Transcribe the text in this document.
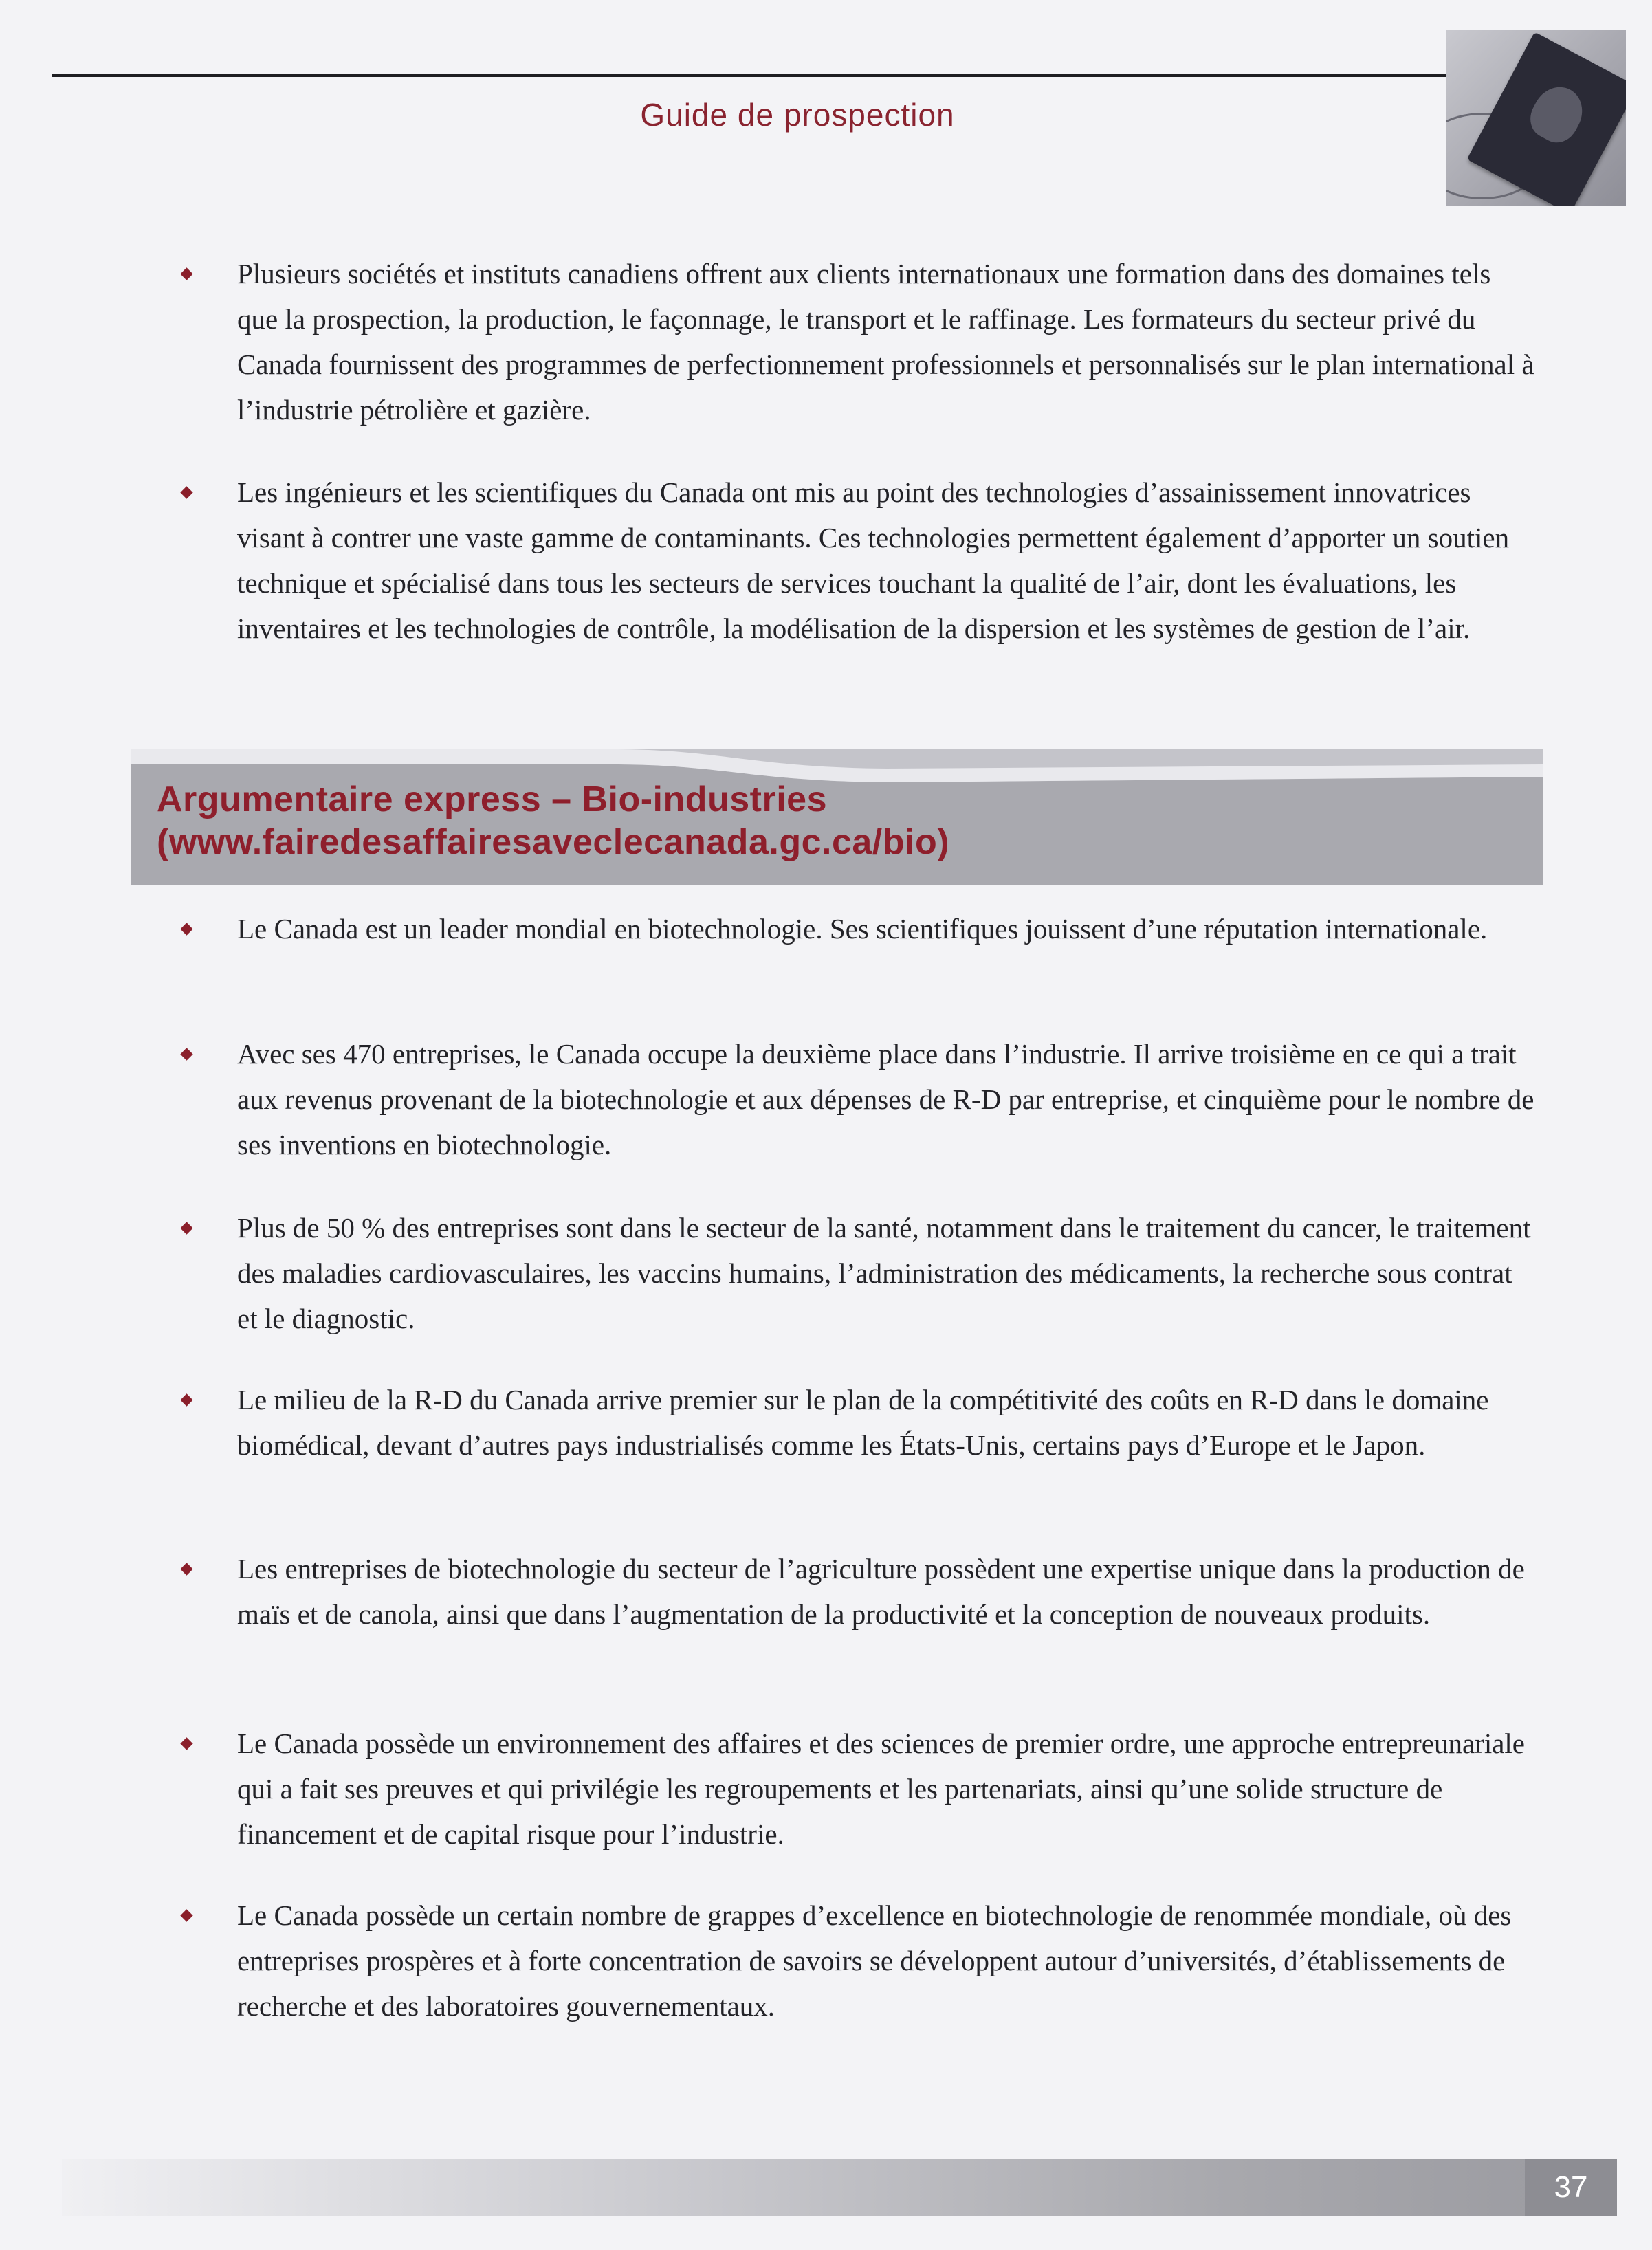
Guide de prospection

Plusieurs sociétés et instituts canadiens offrent aux clients internationaux une formation dans des domaines tels que la prospection, la production, le façonnage, le transport et le raffinage. Les formateurs du secteur privé du Canada fournissent des programmes de perfectionnement professionnels et personnalisés sur le plan international à l’industrie pétrolière et gazière.

Les ingénieurs et les scientifiques du Canada ont mis au point des technologies d’assainissement innovatrices visant à contrer une vaste gamme de contaminants. Ces technologies permettent également d’apporter un soutien technique et spécialisé dans tous les secteurs de services touchant la qualité de l’air, dont les évaluations, les inventaires et les technologies de contrôle, la modélisation de la dispersion et les systèmes de gestion de l’air.

Argumentaire express – Bio-industries
(www.fairedesaffairesaveclecanada.gc.ca/bio)

Le Canada est un leader mondial en biotechnologie. Ses scientifiques jouissent d’une réputation internationale.

Avec ses 470 entreprises, le Canada occupe la deuxième place dans l’industrie. Il arrive troisième en ce qui a trait aux revenus provenant de la biotechnologie et aux dépenses de R-D par entreprise, et cinquième pour le nombre de ses inventions en biotechnologie.

Plus de 50 % des entreprises sont dans le secteur de la santé, notamment dans le traitement du cancer, le traitement des maladies cardiovasculaires, les vaccins humains, l’administration des médicaments, la recherche sous contrat et le diagnostic.

Le milieu de la R-D du Canada arrive premier sur le plan de la compétitivité des coûts en R-D dans le domaine biomédical, devant d’autres pays industrialisés comme les États-Unis, certains pays d’Europe et le Japon.

Les entreprises de biotechnologie du secteur de l’agriculture possèdent une expertise unique dans la production de maïs et de canola, ainsi que dans l’augmentation de la productivité et la conception de nouveaux produits.

Le Canada possède un environnement des affaires et des sciences de premier ordre, une approche entrepreunariale qui a fait ses preuves et qui privilégie les regroupements et les partenariats, ainsi qu’une solide structure de financement et de capital risque pour l’industrie.

Le Canada possède un certain nombre de grappes d’excellence en biotechnologie de renommée mondiale, où des entreprises prospères et à forte concentration de savoirs se développent autour d’universités, d’établissements de recherche et des laboratoires gouvernementaux.

37
